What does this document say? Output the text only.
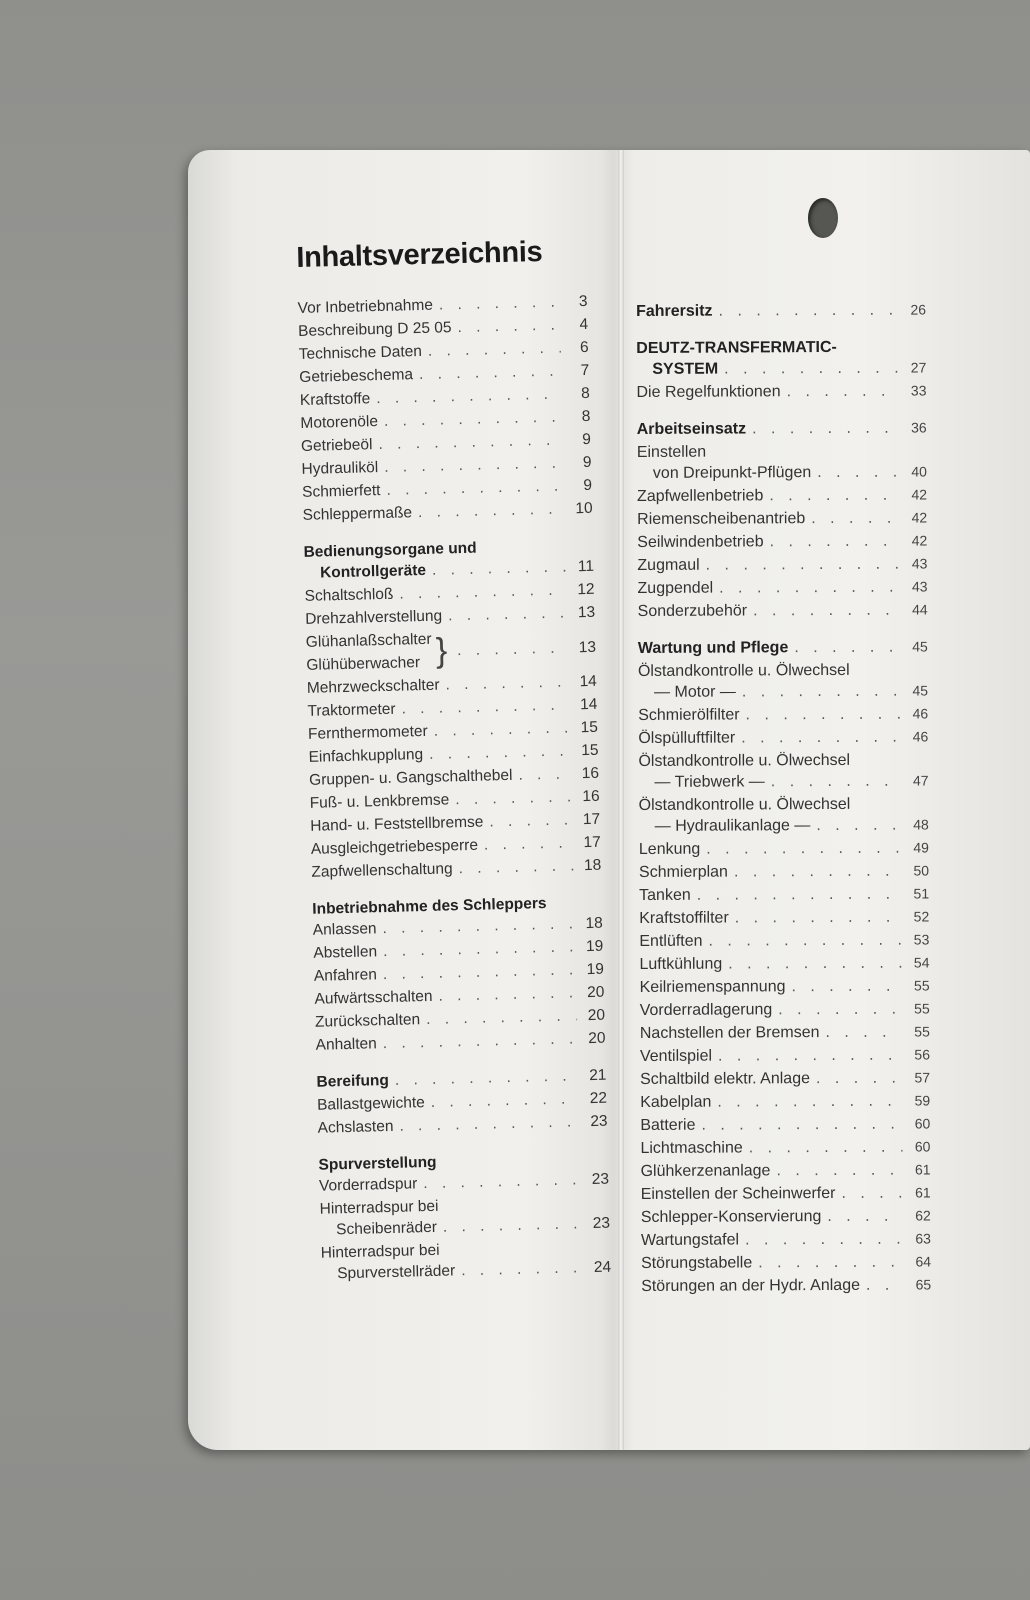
Inhaltsverzeichnis
Vor Inbetriebnahme . . .	3
Beschreibung D 25 05 . . .	4
Technische Daten . . .	6
Getriebeschema . . .	7
Kraftstoffe . . .	8
Motorenöle . . .	8
Getriebeöl . . .	9
Hydrauliköl . . .	9
Schmierfett . . .	9
Schleppermaße . . .	10
Bedienungsorgane und
Kontrollgeräte . . .	11
Schaltschloß . . .	12
Drehzahlverstellung . . .	13
Glühanlaßschalter
Glühüberwacher } . . .	13
Mehrzweckschalter . . .	14
Traktormeter . . .	14
Fernthermometer . . .	15
Einfachkupplung . . .	15
Gruppen- u. Gangschalthebel . . .	16
Fuß- u. Lenkbremse . . .	16
Hand- u. Feststellbremse . . .	17
Ausgleichgetriebesperre . . .	17
Zapfwellenschaltung . . .	18
Inbetriebnahme des Schleppers
Anlassen . . .	18
Abstellen . . .	19
Anfahren . . .	19
Aufwärtsschalten . . .	20
Zurückschalten . . .	20
Anhalten . . .	20
Bereifung . . .	21
Ballastgewichte . . .	22
Achslasten . . .	23
Spurverstellung
Vorderradspur . . .	23
Hinterradspur bei
Scheibenräder . . .	23
Hinterradspur bei
Spurverstellräder . . .	24
Fahrersitz . . .	26
DEUTZ-TRANSFERMATIC-
SYSTEM . . .	27
Die Regelfunktionen . . .	33
Arbeitseinsatz . . .	36
Einstellen
von Dreipunkt-Pflügen . . .	40
Zapfwellenbetrieb . . .	42
Riemenscheibenantrieb . . .	42
Seilwindenbetrieb . . .	42
Zugmaul . . .	43
Zugpendel . . .	43
Sonderzubehör . . .	44
Wartung und Pflege . . .	45
Ölstandkontrolle u. Ölwechsel
— Motor — . . .	45
Schmierölfilter . . .	46
Ölspülluftfilter . . .	46
Ölstandkontrolle u. Ölwechsel
— Triebwerk — . . .	47
Ölstandkontrolle u. Ölwechsel
— Hydraulikanlage — . . .	48
Lenkung . . .	49
Schmierplan . . .	50
Tanken . . .	51
Kraftstoffilter . . .	52
Entlüften . . .	53
Luftkühlung . . .	54
Keilriemenspannung . . .	55
Vorderradlagerung . . .	55
Nachstellen der Bremsen . . .	55
Ventilspiel . . .	56
Schaltbild elektr. Anlage . . .	57
Kabelplan . . .	59
Batterie . . .	60
Lichtmaschine . . .	60
Glühkerzenanlage . . .	61
Einstellen der Scheinwerfer . . .	61
Schlepper-Konservierung . . .	62
Wartungstafel . . .	63
Störungstabelle . . .	64
Störungen an der Hydr. Anlage . . .	65
